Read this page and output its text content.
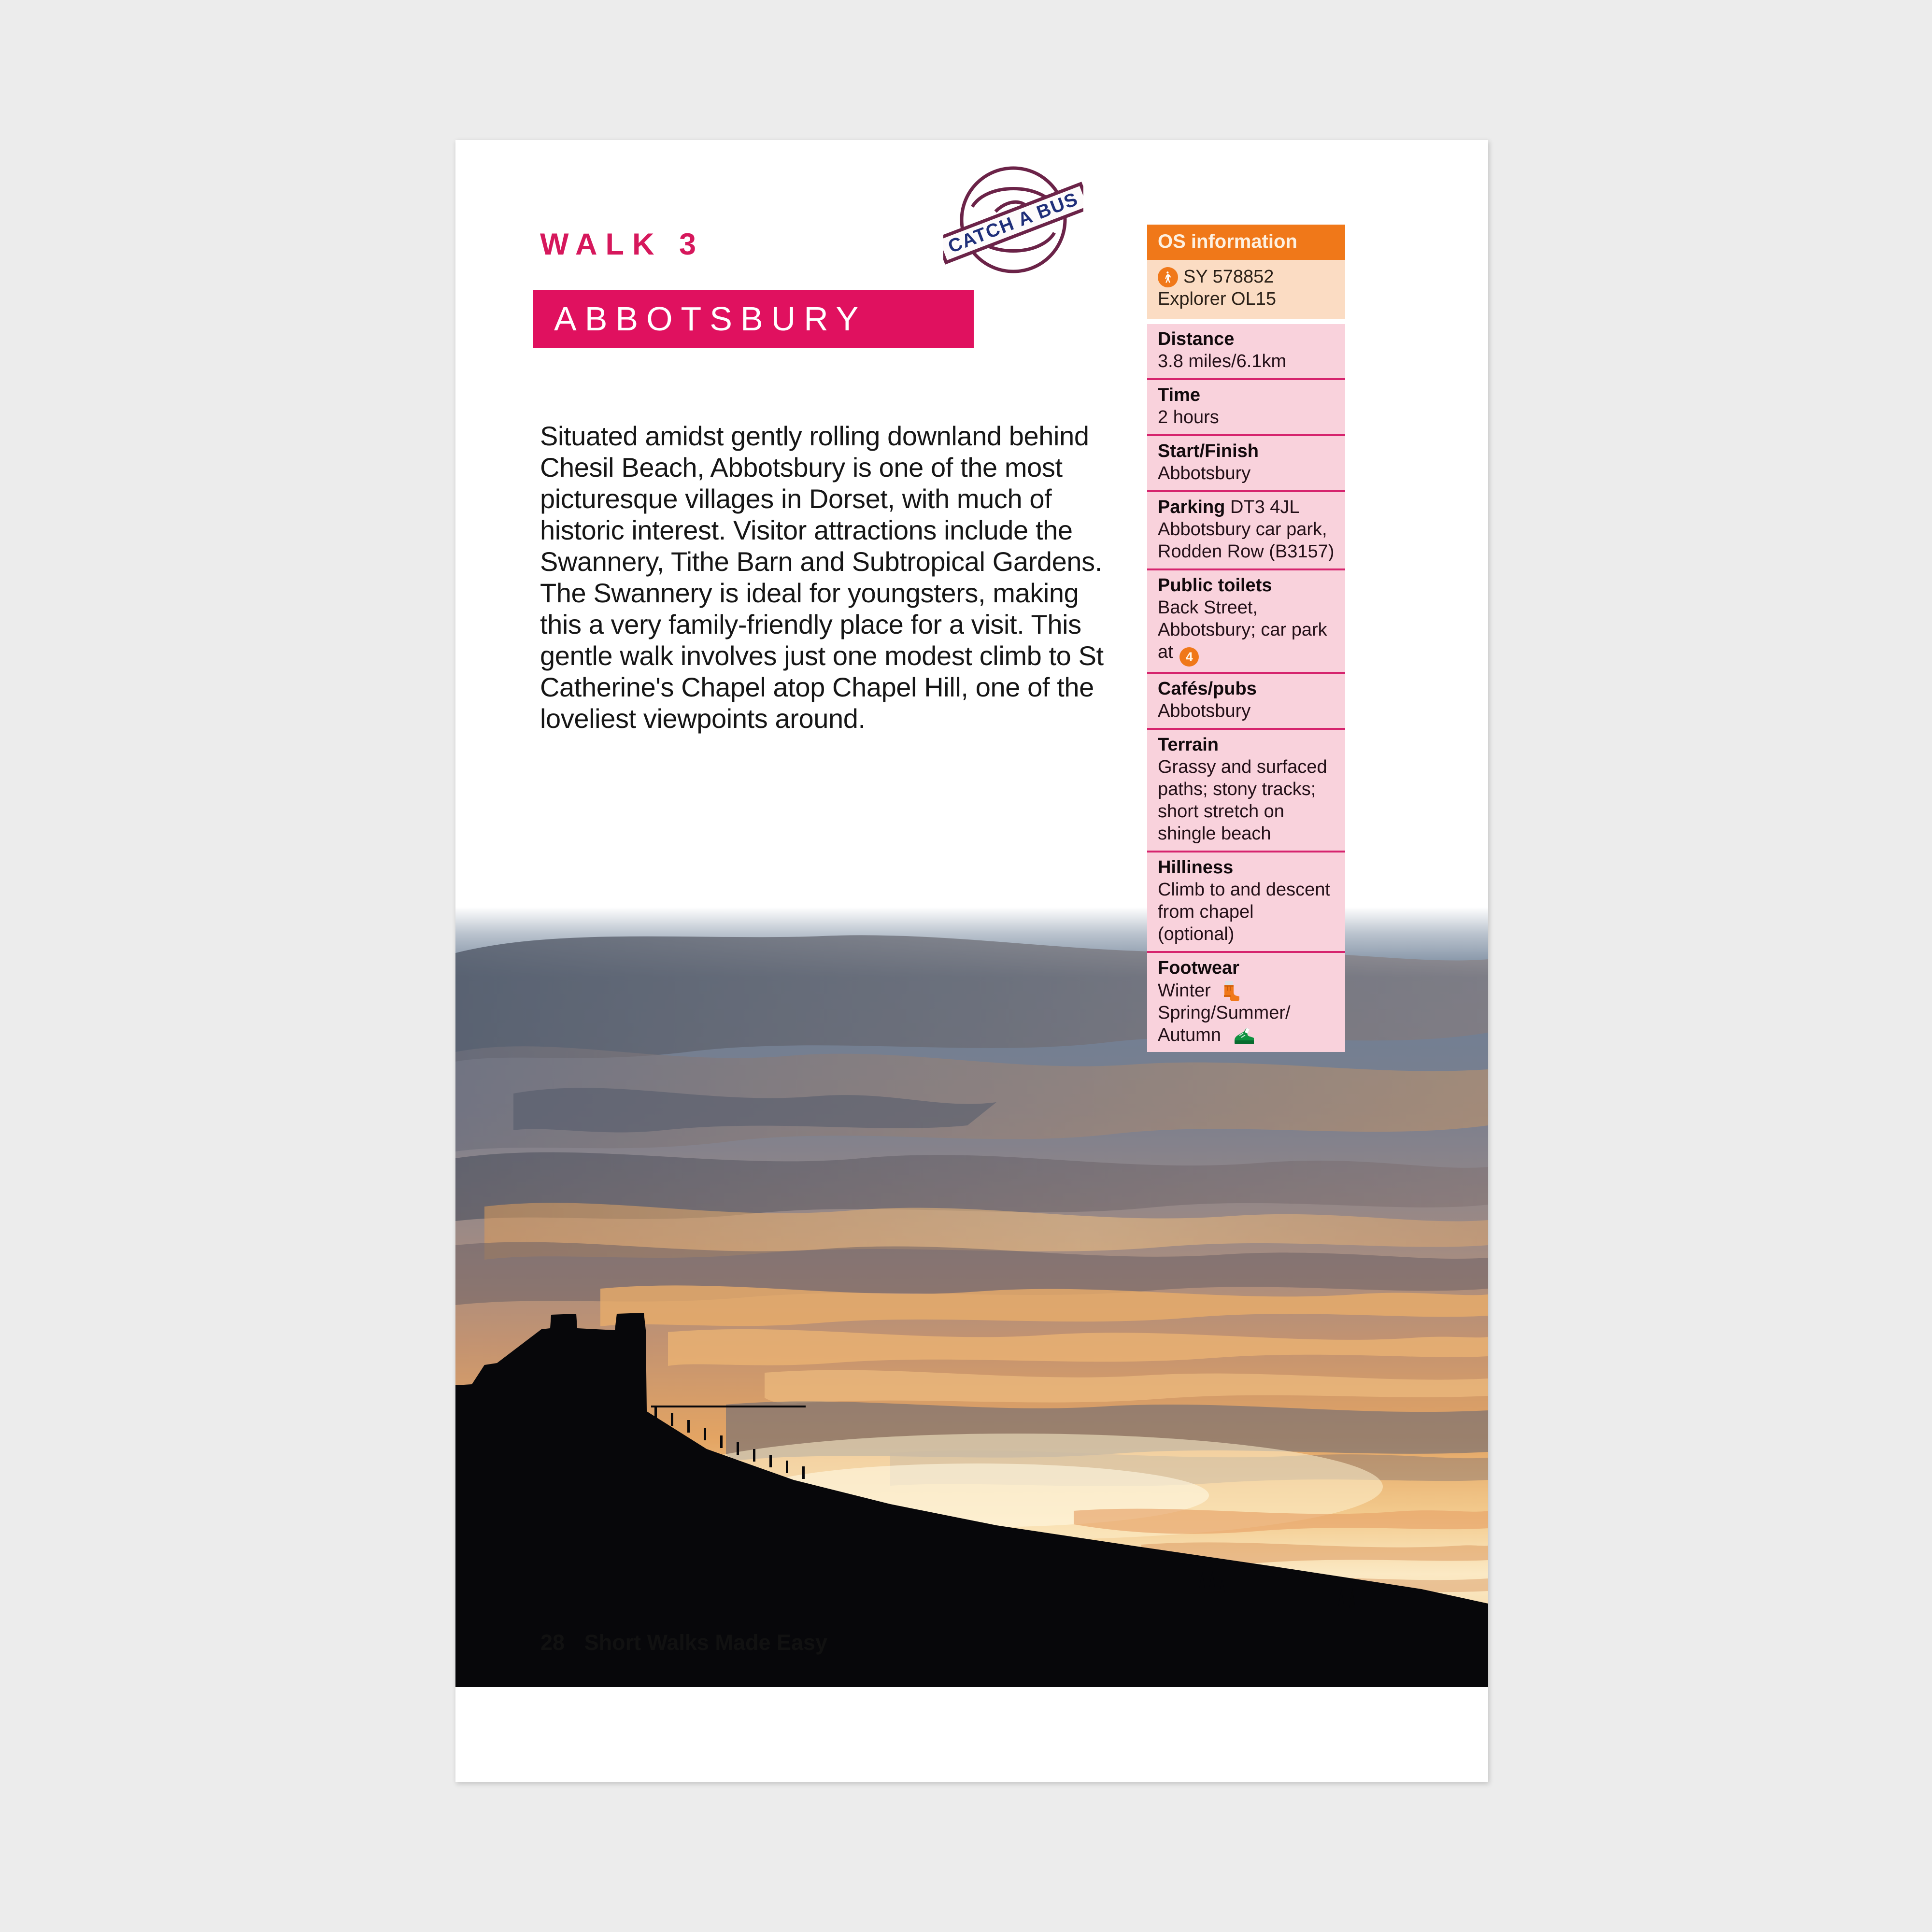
WALK 3	CATCH A BUS
ABBOTSBURY

Situated amidst gently rolling downland behind Chesil Beach, Abbotsbury is one of the most picturesque villages in Dorset, with much of historic interest. Visitor attractions include the Swannery, Tithe Barn and Subtropical Gardens. The Swannery is ideal for youngsters, making this a very family-friendly place for a visit. This gentle walk involves just one modest climb to St Catherine's Chapel atop Chapel Hill, one of the loveliest viewpoints around.

OS information
SY 578852
Explorer OL15
Distance
3.8 miles/6.1km
Time
2 hours
Start/Finish
Abbotsbury
Parking DT3 4JL
Abbotsbury car park, Rodden Row (B3157)
Public toilets
Back Street, Abbotsbury; car park at 4
Cafés/pubs
Abbotsbury
Terrain
Grassy and surfaced paths; stony tracks; short stretch on shingle beach
Hilliness
Climb to and descent from chapel (optional)
Footwear
Winter
Spring/Summer/ Autumn
28 Short Walks Made Easy
